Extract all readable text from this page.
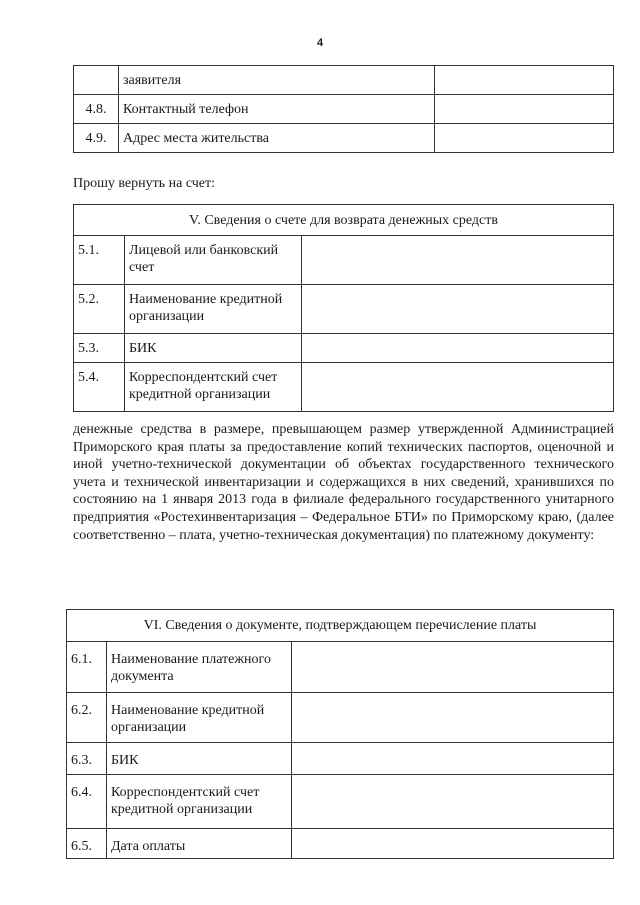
4
	заявителя	
4.8.	Контактный телефон	
4.9.	Адрес места жительства	
Прошу вернуть на счет:
V. Сведения о счете для возврата денежных средств		
5.1.	Лицевой или банковский счет	
5.2.	Наименование кредитной организации	
5.3.	БИК	
5.4.	Корреспондентский счет кредитной организации	
денежные средства в размере, превышающем размер утвержденной Администрацией Приморского края платы за предоставление копий технических паспортов, оценочной и иной учетно-технической документации об объектах государственного технического учета и технической инвентаризации и содержащихся в них сведений, хранившихся по состоянию на 1 января 2013 года в филиале федерального государственного унитарного предприятия «Ростехинвентаризация – Федеральное БТИ» по Приморскому краю, (далее соответственно – плата, учетно-техническая документация) по платежному документу:
VI. Сведения о документе, подтверждающем перечисление платы		
6.1.	Наименование платежного документа	
6.2.	Наименование кредитной организации	
6.3.	БИК	
6.4.	Корреспондентский счет кредитной организации	
6.5.	Дата оплаты	
